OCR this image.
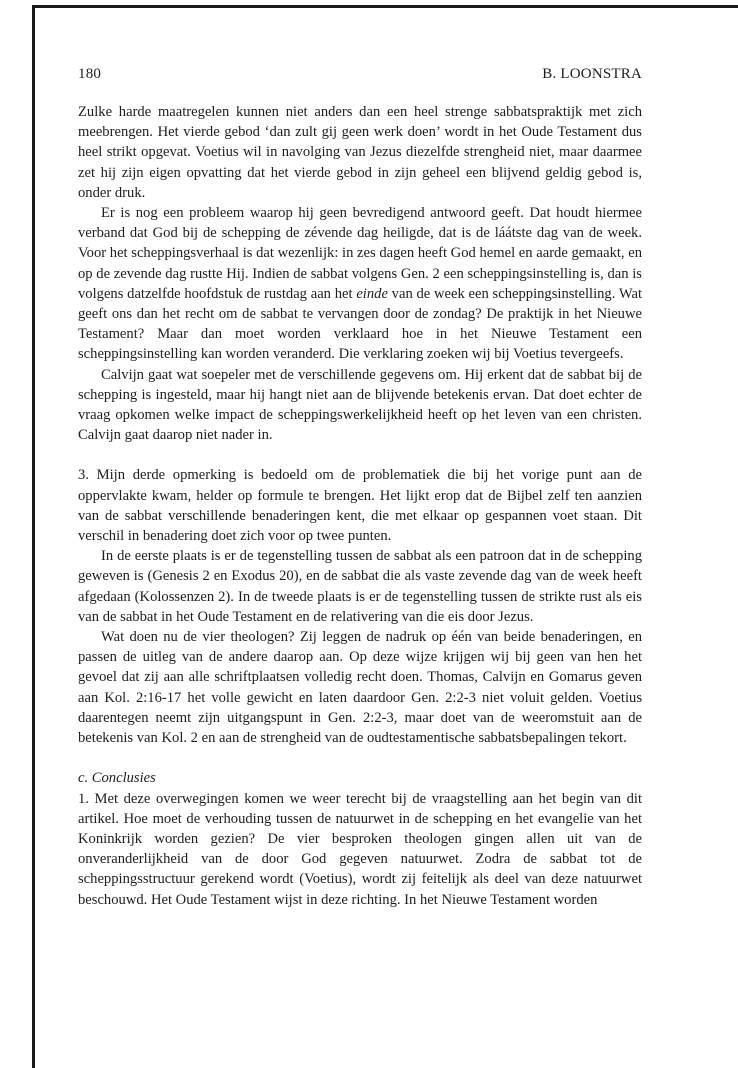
180	B. LOONSTRA

Zulke harde maatregelen kunnen niet anders dan een heel strenge sabbatspraktijk met zich meebrengen. Het vierde gebod ‘dan zult gij geen werk doen’ wordt in het Oude Testament dus heel strikt opgevat. Voetius wil in navolging van Jezus diezelfde strengheid niet, maar daarmee zet hij zijn eigen opvatting dat het vierde gebod in zijn geheel een blijvend geldig gebod is, onder druk.

Er is nog een probleem waarop hij geen bevredigend antwoord geeft. Dat houdt hiermee verband dat God bij de schepping de zévende dag heiligde, dat is de láátste dag van de week. Voor het scheppingsverhaal is dat wezenlijk: in zes dagen heeft God hemel en aarde gemaakt, en op de zevende dag rustte Hij. Indien de sabbat volgens Gen. 2 een scheppingsinstelling is, dan is volgens datzelfde hoofdstuk de rustdag aan het einde van de week een scheppingsinstelling. Wat geeft ons dan het recht om de sabbat te vervangen door de zondag? De praktijk in het Nieuwe Testament? Maar dan moet worden verklaard hoe in het Nieuwe Testament een scheppingsinstelling kan worden veranderd. Die verklaring zoeken wij bij Voetius tevergeefs.

Calvijn gaat wat soepeler met de verschillende gegevens om. Hij erkent dat de sabbat bij de schepping is ingesteld, maar hij hangt niet aan de blijvende betekenis ervan. Dat doet echter de vraag opkomen welke impact de scheppingswerkelijkheid heeft op het leven van een christen. Calvijn gaat daarop niet nader in.

3. Mijn derde opmerking is bedoeld om de problematiek die bij het vorige punt aan de oppervlakte kwam, helder op formule te brengen. Het lijkt erop dat de Bijbel zelf ten aanzien van de sabbat verschillende benaderingen kent, die met elkaar op gespannen voet staan. Dit verschil in benadering doet zich voor op twee punten.

In de eerste plaats is er de tegenstelling tussen de sabbat als een patroon dat in de schepping geweven is (Genesis 2 en Exodus 20), en de sabbat die als vaste zevende dag van de week heeft afgedaan (Kolossenzen 2). In de tweede plaats is er de tegenstelling tussen de strikte rust als eis van de sabbat in het Oude Testament en de relativering van die eis door Jezus.

Wat doen nu de vier theologen? Zij leggen de nadruk op één van beide benaderingen, en passen de uitleg van de andere daarop aan. Op deze wijze krijgen wij bij geen van hen het gevoel dat zij aan alle schriftplaatsen volledig recht doen. Thomas, Calvijn en Gomarus geven aan Kol. 2:16-17 het volle gewicht en laten daardoor Gen. 2:2-3 niet voluit gelden. Voetius daarentegen neemt zijn uitgangspunt in Gen. 2:2-3, maar doet van de weeromstuit aan de betekenis van Kol. 2 en aan de strengheid van de oudtestamentische sabbatsbepalingen tekort.

c. Conclusies

1. Met deze overwegingen komen we weer terecht bij de vraagstelling aan het begin van dit artikel. Hoe moet de verhouding tussen de natuurwet in de schepping en het evangelie van het Koninkrijk worden gezien? De vier besproken theologen gingen allen uit van de onveranderlijkheid van de door God gegeven natuurwet. Zodra de sabbat tot de scheppingsstructuur gerekend wordt (Voetius), wordt zij feitelijk als deel van deze natuurwet beschouwd. Het Oude Testament wijst in deze richting. In het Nieuwe Testament worden
